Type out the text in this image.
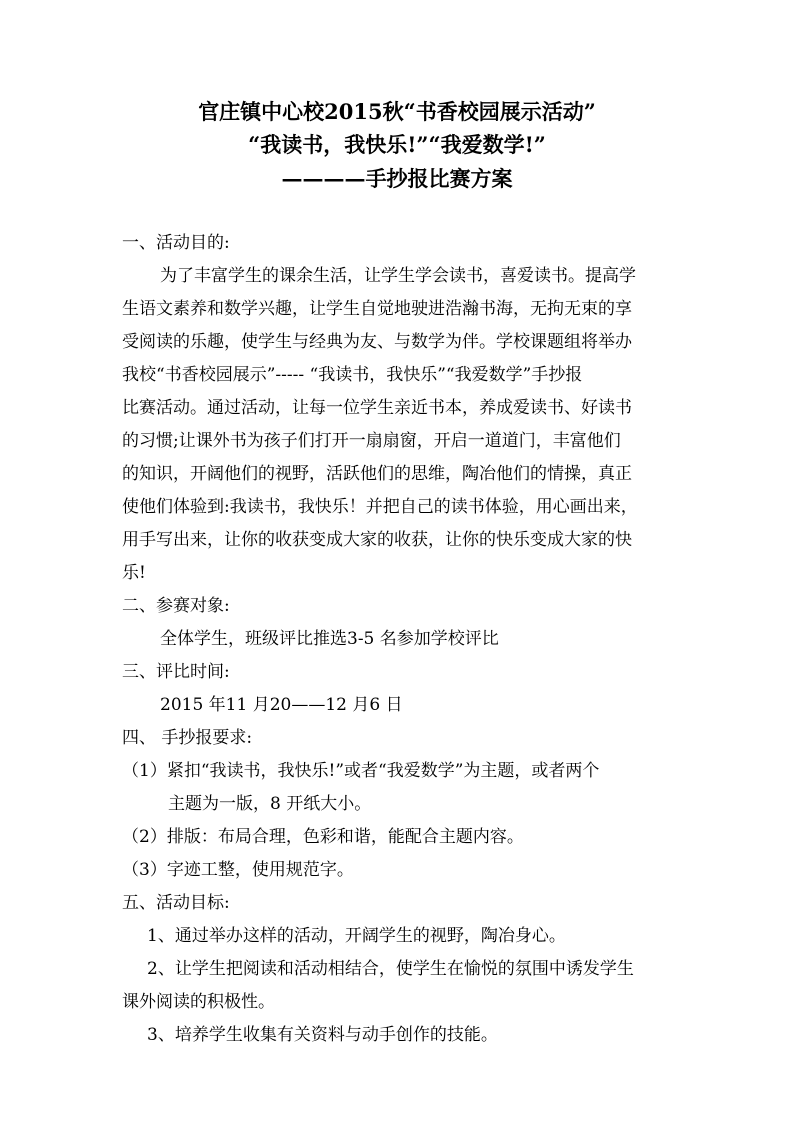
官庄镇中心校2015秋“书香校园展示活动”
“我读书，我快乐!”“我爱数学!”
————手抄报比赛方案
一、活动目的:
为了丰富学生的课余生活，让学生学会读书，喜爱读书。提高学
生语文素养和数学兴趣，让学生自觉地驶进浩瀚书海，无拘无束的享
受阅读的乐趣，使学生与经典为友、与数学为伴。学校课题组将举办
我校“书香校园展示”----- “我读书，我快乐”“我爱数学”手抄报
比赛活动。通过活动，让每一位学生亲近书本，养成爱读书、好读书
的习惯;让课外书为孩子们打开一扇扇窗，开启一道道门，丰富他们
的知识，开阔他们的视野，活跃他们的思维，陶冶他们的情操，真正
使他们体验到:我读书，我快乐！并把自己的读书体验，用心画出来，
用手写出来，让你的收获变成大家的收获，让你的快乐变成大家的快
乐!
二、参赛对象:
全体学生，班级评比推选3-5 名参加学校评比
三、评比时间:
2015 年11 月20——12 月6 日
四、 手抄报要求:
（1）紧扣“我读书，我快乐!”或者“我爱数学”为主题，或者两个
主题为一版，8 开纸大小。
（2）排版：布局合理，色彩和谐，能配合主题内容。
（3）字迹工整，使用规范字。
五、活动目标:
1、通过举办这样的活动，开阔学生的视野，陶冶身心。
2、让学生把阅读和活动相结合，使学生在愉悦的氛围中诱发学生
课外阅读的积极性。
3、培养学生收集有关资料与动手创作的技能。
